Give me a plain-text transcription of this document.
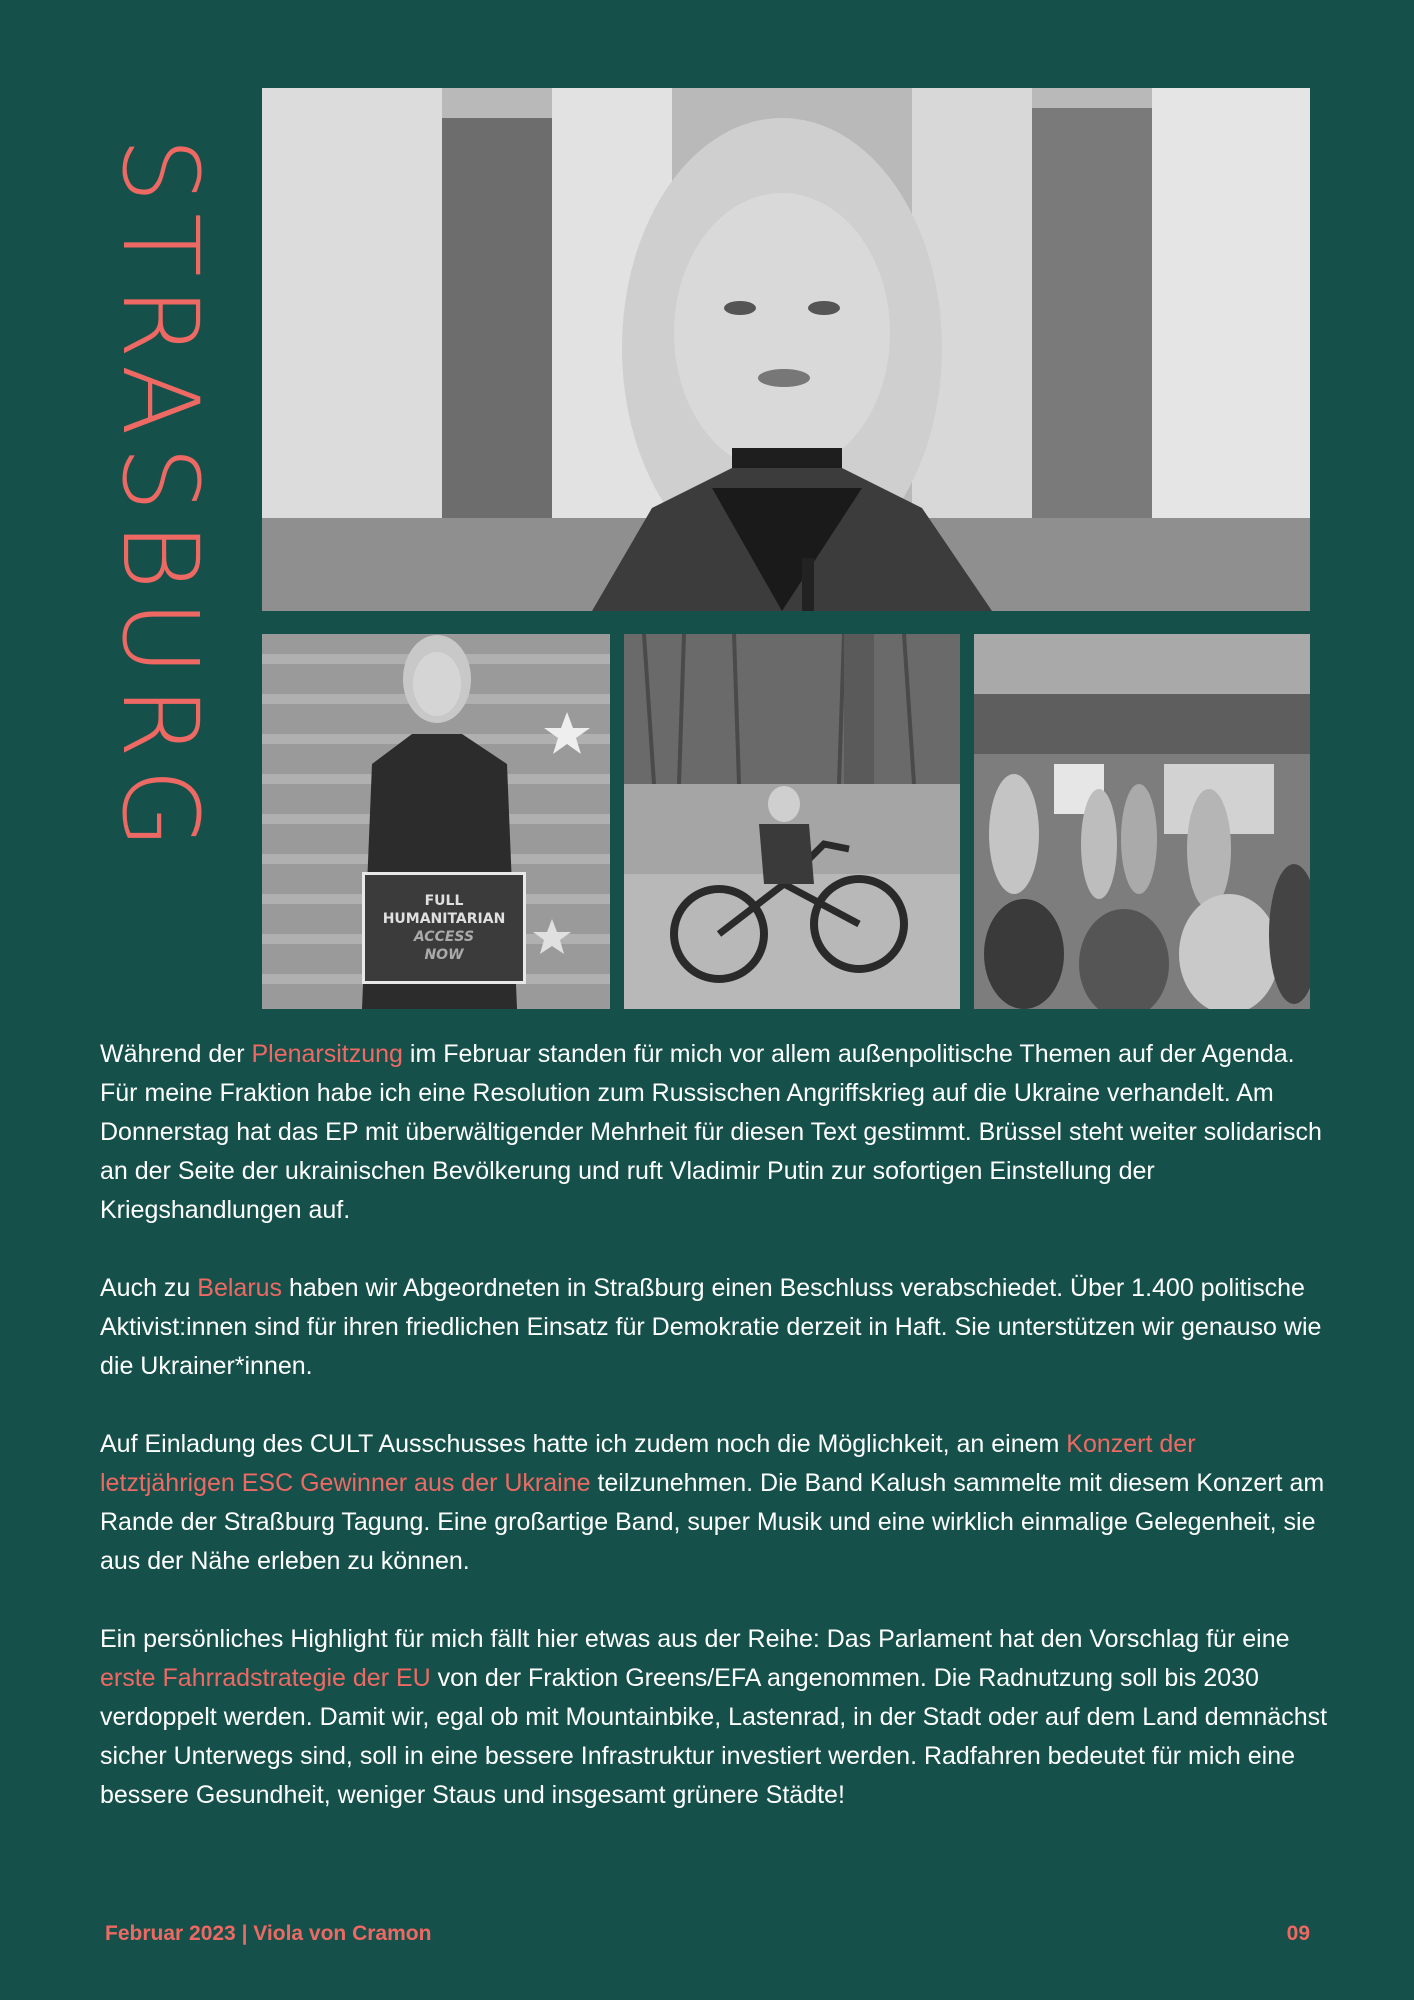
STRASBURG
FULL
HUMANITARIAN
ACCESS
NOW

Während der Plenarsitzung im Februar standen für mich vor allem außenpolitische Themen auf der Agenda. Für meine Fraktion habe ich eine Resolution zum Russischen Angriffskrieg auf die Ukraine verhandelt. Am Donnerstag hat das EP mit überwältigender Mehrheit für diesen Text gestimmt. Brüssel steht weiter solidarisch an der Seite der ukrainischen Bevölkerung und ruft Vladimir Putin zur sofortigen Einstellung der Kriegshandlungen auf.

Auch zu Belarus haben wir Abgeordneten in Straßburg einen Beschluss verabschiedet. Über 1.400 politische Aktivist:innen sind für ihren friedlichen Einsatz für Demokratie derzeit in Haft. Sie unterstützen wir genauso wie die Ukrainer*innen.

Auf Einladung des CULT Ausschusses hatte ich zudem noch die Möglichkeit, an einem Konzert der letztjährigen ESC Gewinner aus der Ukraine teilzunehmen. Die Band Kalush sammelte mit diesem Konzert am Rande der Straßburg Tagung. Eine großartige Band, super Musik und eine wirklich einmalige Gelegenheit, sie aus der Nähe erleben zu können.

Ein persönliches Highlight für mich fällt hier etwas aus der Reihe: Das Parlament hat den Vorschlag für eine erste Fahrradstrategie der EU von der Fraktion Greens/EFA angenommen. Die Radnutzung soll bis 2030 verdoppelt werden. Damit wir, egal ob mit Mountainbike, Lastenrad, in der Stadt oder auf dem Land demnächst sicher Unterwegs sind, soll in eine bessere Infrastruktur investiert werden. Radfahren bedeutet für mich eine bessere Gesundheit, weniger Staus und insgesamt grünere Städte!

Februar 2023 | Viola von Cramon	09
